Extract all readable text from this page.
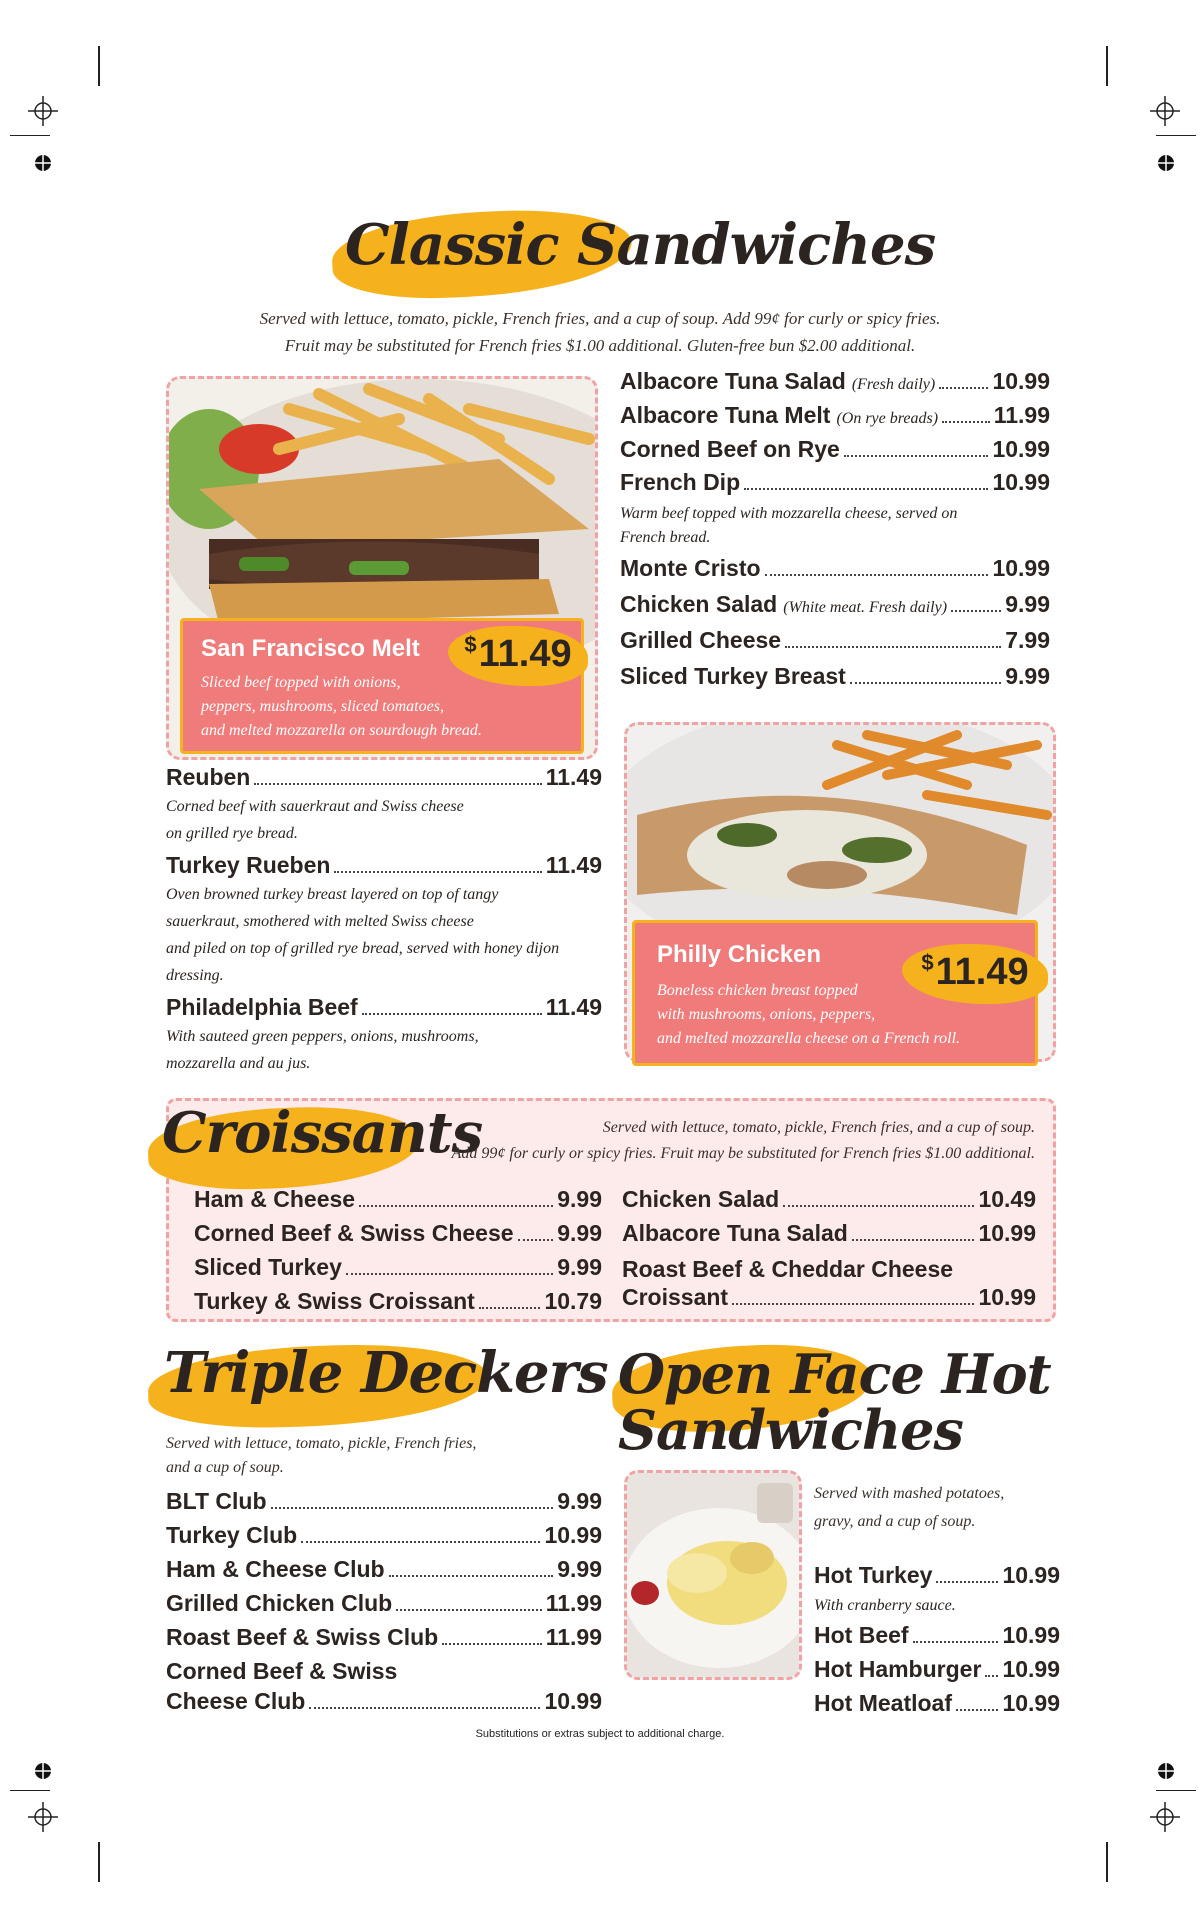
Classic Sandwiches
Served with lettuce, tomato, pickle, French fries, and a cup of soup. Add 99¢ for curly or spicy fries.
Fruit may be substituted for French fries $1.00 additional. Gluten-free bun $2.00 additional.
San Francisco Melt
Sliced beef topped with onions,
peppers, mushrooms, sliced tomatoes,
and melted mozzarella on sourdough bread.
$11.49
Albacore Tuna Salad (Fresh daily) 10.99
Albacore Tuna Melt (On rye breads) 11.99
Corned Beef on Rye	10.99
French Dip	10.99
Warm beef topped with mozzarella cheese, served on
French bread.
Monte Cristo	10.99
Chicken Salad (White meat. Fresh daily)	9.99
Grilled Cheese	7.99
Sliced Turkey Breast	9.99
Reuben	11.49
Corned beef with sauerkraut and Swiss cheese
on grilled rye bread.
Turkey Rueben	11.49
Oven browned turkey breast layered on top of tangy
sauerkraut, smothered with melted Swiss cheese
and piled on top of grilled rye bread, served with honey dijon
dressing.
Philadelphia Beef	11.49
With sauteed green peppers, onions, mushrooms,
mozzarella and au jus.
Philly Chicken
Boneless chicken breast topped
with mushrooms, onions, peppers,
and melted mozzarella cheese on a French roll.
$11.49
Croissants	Served with lettuce, tomato, pickle, French fries, and a cup of soup.
Add 99¢ for curly or spicy fries. Fruit may be substituted for French fries $1.00 additional.
Ham & Cheese	9.99
Corned Beef & Swiss Cheese 9.99
Sliced Turkey	9.99
Turkey & Swiss Croissant	10.79
Chicken Salad	10.49
Albacore Tuna Salad	10.99
Roast Beef & Cheddar Cheese
Croissant	10.99
Triple Deckers
Served with lettuce, tomato, pickle, French fries,
and a cup of soup.
BLT Club	9.99
Turkey Club	10.99
Ham & Cheese Club	9.99
Grilled Chicken Club	11.99
Roast Beef & Swiss Club	11.99
Corned Beef & Swiss
Cheese Club	10.99
Open Face Hot
Sandwiches
Served with mashed potatoes,
gravy, and a cup of soup.
Hot Turkey	10.99
With cranberry sauce.
Hot Beef	10.99
Hot Hamburger 10.99
Hot Meatloaf 10.99
Substitutions or extras subject to additional charge.
